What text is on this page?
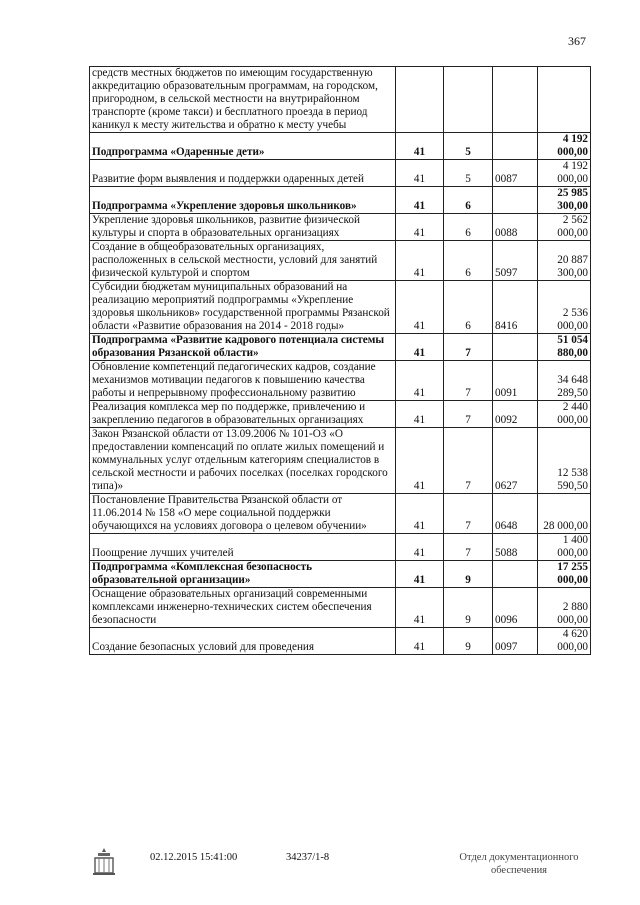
367
средств местных бюджетов по имеющим государственную аккредитацию образовательным программам, на городском, пригородном, в сельской местности на внутрирайонном транспорте (кроме такси) и бесплатного проезда в период каникул к месту жительства и обратно к месту учебы				
Подпрограмма «Одаренные дети»	41	5		4 192 000,00
Развитие форм выявления и поддержки одаренных детей	41	5	0087	4 192 000,00
Подпрограмма «Укрепление здоровья школьников»	41	6		25 985 300,00
Укрепление здоровья школьников, развитие физической культуры и спорта в образовательных организациях	41	6	0088	2 562 000,00
Создание в общеобразовательных организациях, расположенных в сельской местности, условий для занятий физической культурой и спортом	41	6	5097	20 887 300,00
Субсидии бюджетам муниципальных образований на реализацию мероприятий подпрограммы «Укрепление здоровья школьников» государственной программы Рязанской области «Развитие образования на 2014 - 2018 годы»	41	6	8416	2 536 000,00
Подпрограмма «Развитие кадрового потенциала системы образования Рязанской области»	41	7		51 054 880,00
Обновление компетенций педагогических кадров, создание механизмов мотивации педагогов к повышению качества работы и непрерывному профессиональному развитию	41	7	0091	34 648 289,50
Реализация комплекса мер по поддержке, привлечению и закреплению педагогов в образовательных организациях	41	7	0092	2 440 000,00
Закон Рязанской области от 13.09.2006 № 101-ОЗ «О предоставлении компенсаций по оплате жилых помещений и коммунальных услуг отдельным категориям специалистов в сельской местности и рабочих поселках (поселках городского типа)»	41	7	0627	12 538 590,50
Постановление Правительства Рязанской области от 11.06.2014 № 158 «О мере социальной поддержки обучающихся на условиях договора о целевом обучении»	41	7	0648	28 000,00
Поощрение лучших учителей	41	7	5088	1 400 000,00
Подпрограмма «Комплексная безопасность образовательной организации»	41	9		17 255 000,00
Оснащение образовательных организаций современными комплексами инженерно-технических систем обеспечения безопасности	41	9	0096	2 880 000,00
Создание безопасных условий для проведения	41	9	0097	4 620 000,00
02.12.2015 15:41:00	34237/1-8	Отдел документационного обеспечения
